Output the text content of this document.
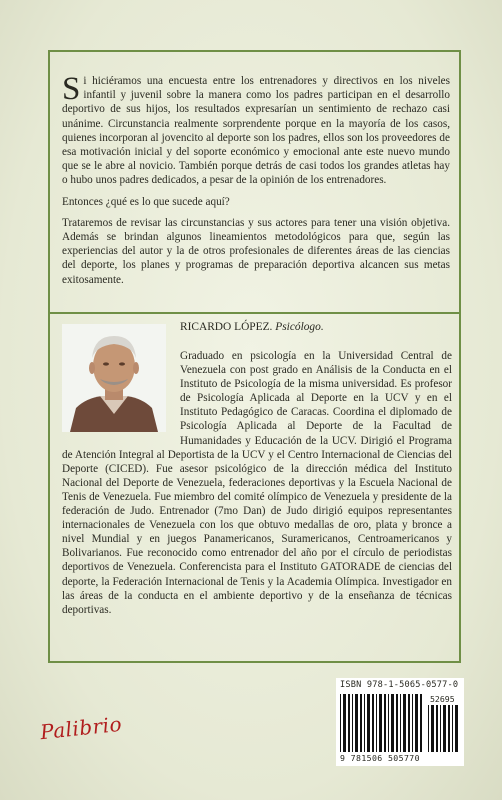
Si hiciéramos una encuesta entre los entrenadores y directivos en los niveles infantil y juvenil sobre la manera como los padres participan en el desarrollo deportivo de sus hijos, los resultados expresarían un sentimiento de rechazo casi unánime. Circunstancia realmente sorprendente porque en la mayoría de los casos, quienes incorporan al jovencito al deporte son los padres, ellos son los proveedores de esa motivación inicial y del soporte económico y emocional ante este nuevo mundo que se le abre al novicio. También porque detrás de casi todos los grandes atletas hay o hubo unos padres dedicados, a pesar de la opinión de los entrenadores.

Entonces ¿qué es lo que sucede aquí?

Trataremos de revisar las circunstancias y sus actores para tener una visión objetiva. Además se brindan algunos lineamientos metodológicos para que, según las experiencias del autor y la de otros profesionales de diferentes áreas de las ciencias del deporte, los planes y programas de preparación deportiva alcancen sus metas exitosamente.

RICARDO LÓPEZ. Psicólogo.
Graduado en psicología en la Universidad Central de Venezuela con post grado en Análisis de la Conducta en el Instituto de Psicología de la misma universidad. Es profesor de Psicología Aplicada al Deporte en la UCV y en el Instituto Pedagógico de Caracas. Coordina el diplomado de Psicología Aplicada al Deporte de la Facultad de Humanidades y Educación de la UCV. Dirigió el Programa de Atención Integral al Deportista de la UCV y el Centro Internacional de Ciencias del Deporte (CICED). Fue asesor psicológico de la dirección médica del Instituto Nacional del Deporte de Venezuela, federaciones deportivas y la Escuela Nacional de Tenis de Venezuela. Fue miembro del comité olímpico de Venezuela y presidente de la federación de Judo. Entrenador (7mo Dan) de Judo dirigió equipos representantes internacionales de Venezuela con los que obtuvo medallas de oro, plata y bronce a nivel Mundial y en juegos Panamericanos, Suramericanos, Centroamericanos y Bolivarianos. Fue reconocido como entrenador del año por el círculo de periodistas deportivos de Venezuela. Conferencista para el Instituto GATORADE de ciencias del deporte, la Federación Internacional de Tenis y la Academia Olímpica. Investigador en las áreas de la conducta en el ambiente deportivo y de la enseñanza de técnicas deportivas.
ISBN 978-1-5065-0577-0
52695
9 781506 505770
Palibrio
